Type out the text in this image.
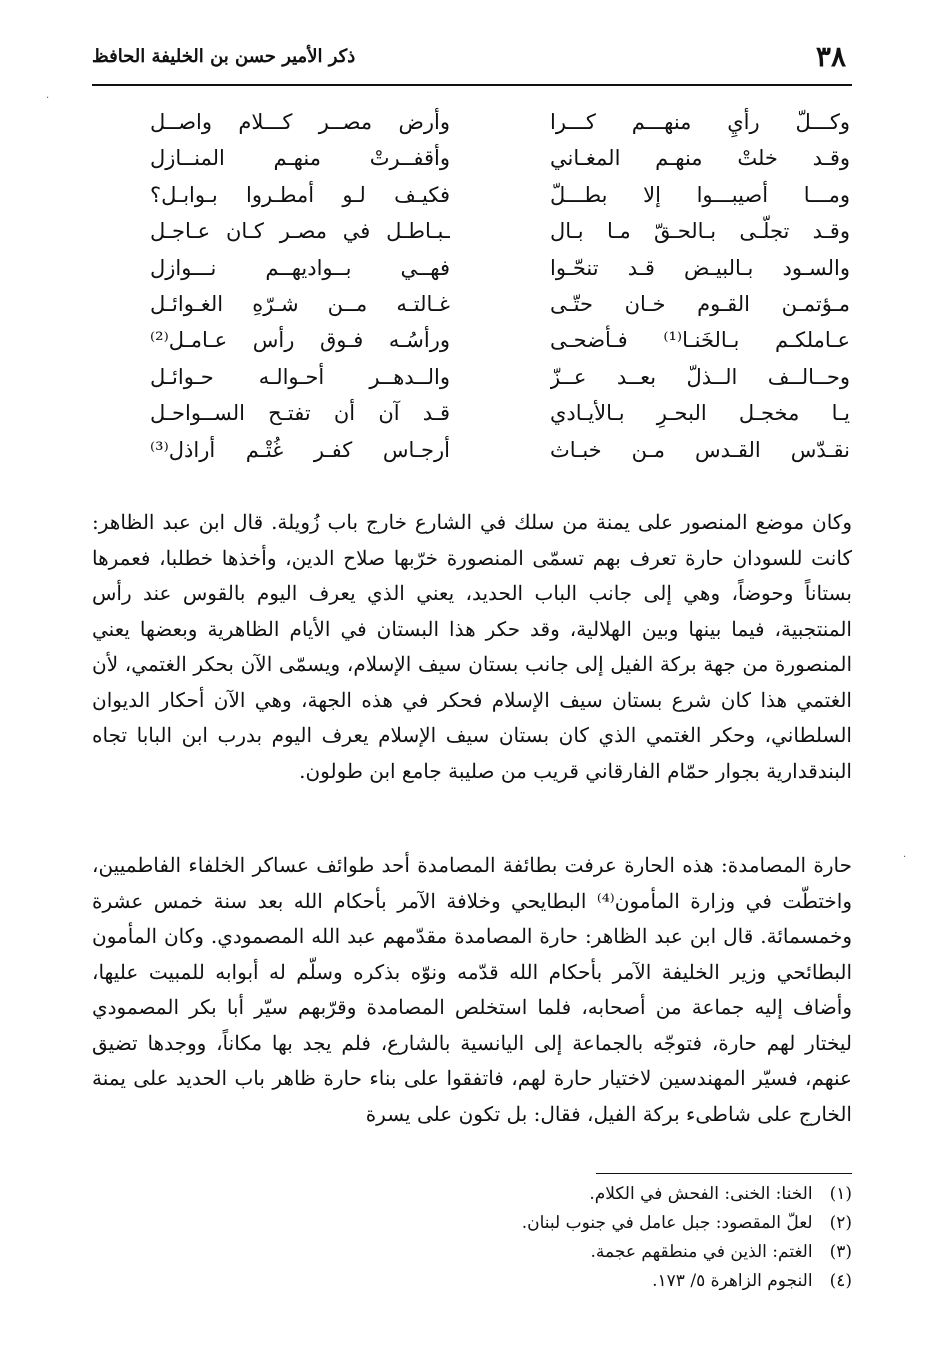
٣٨
ذكر الأمير حسن بن الخليفة الحافظ
وكـــلّ رأيِ منهـــم كـــرا
وأرض مصــر كـــلام واصــل
وقـد خلتْ منهـم المغـاني
وأقفــرتْ منهـم المنــازل
ومـــا أصيبـــوا إلا بطـــلّ
فكيـف لـو أمطـروا بـوابـل؟
وقـد تجلّـى بـالحـقّ مـا بـال
ـبـاطـل في مصـر كـان عـاجـل
والسـود بـالبيـض قـد تنحّـوا
فهــي بــواديهــم نـــوازل
مـؤتمـن القـوم خـان حتّـى
غـالتـه مــن شـرّهِ الغـوائـل
عـاملكـم بـالخَنـا⁽¹⁾ فـأضحـى
ورأسُـه فـوق رأس عـامـل⁽²⁾
وحــالــف الــذلّ بعــد عــزّ
والــدهــر أحـوالـه حـوائـل
يـا مخجـل البحـرِ بـالأيـادي
قـد آن أن تفتـح الســواحـل
نقـدّس القـدس مـن خبـاث
أرجـاس كفـر غُتْـم أراذل⁽³⁾

وكان موضع المنصور على يمنة من سلك في الشارع خارج باب زُويلة. قال ابن عبد الظاهر: كانت للسودان حارة تعرف بهم تسمّى المنصورة خرّبها صلاح الدين، وأخذها خطلبا، فعمرها بستاناً وحوضاً، وهي إلى جانب الباب الحديد، يعني الذي يعرف اليوم بالقوس عند رأس المنتجبية، فيما بينها وبين الهلالية، وقد حكر هذا البستان في الأيام الظاهرية وبعضها يعني المنصورة من جهة بركة الفيل إلى جانب بستان سيف الإسلام، ويسمّى الآن بحكر الغتمي، لأن الغتمي هذا كان شرع بستان سيف الإسلام فحكر في هذه الجهة، وهي الآن أحكار الديوان السلطاني، وحكر الغتمي الذي كان بستان سيف الإسلام يعرف اليوم بدرب ابن البابا تجاه البندقدارية بجوار حمّام الفارقاني قريب من صليبة جامع ابن طولون.

حارة المصامدة: هذه الحارة عرفت بطائفة المصامدة أحد طوائف عساكر الخلفاء الفاطميين، واختطّت في وزارة المأمون⁽⁴⁾ البطايحي وخلافة الآمر بأحكام الله بعد سنة خمس عشرة وخمسمائة. قال ابن عبد الظاهر: حارة المصامدة مقدّمهم عبد الله المصمودي. وكان المأمون البطائحي وزير الخليفة الآمر بأحكام الله قدّمه ونوّه بذكره وسلّم له أبوابه للمبيت عليها، وأضاف إليه جماعة من أصحابه، فلما استخلص المصامدة وقرّبهم سيّر أبا بكر المصمودي ليختار لهم حارة، فتوجّه بالجماعة إلى اليانسية بالشارع، فلم يجد بها مكاناً، ووجدها تضيق عنهم، فسيّر المهندسين لاختيار حارة لهم، فاتفقوا على بناء حارة ظاهر باب الحديد على يمنة الخارج على شاطىء بركة الفيل، فقال: بل تكون على يسرة

(١) الخنا: الخنى: الفحش في الكلام.
(٢) لعلّ المقصود: جبل عامل في جنوب لبنان.
(٣) الغتم: الذين في منطقهم عجمة.
(٤) النجوم الزاهرة ٥/ ١٧٣.
·
·
